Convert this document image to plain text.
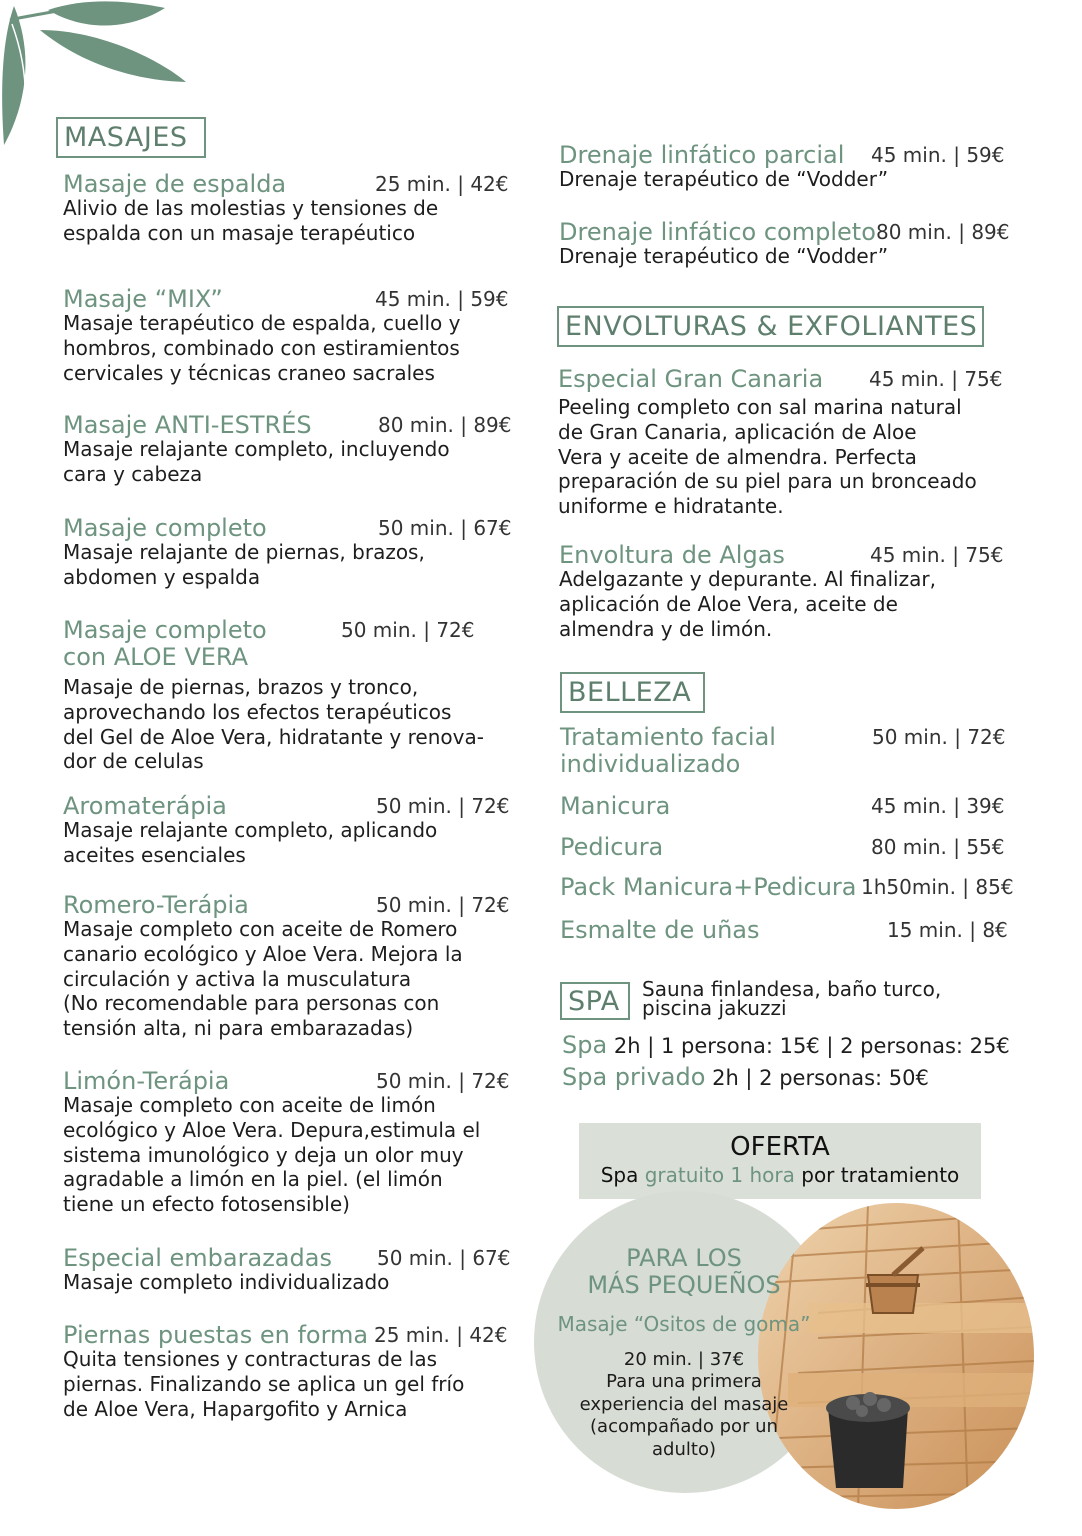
MASAJES
Masaje de espalda	25 min. | 42€
Alivio de las molestias y tensiones de
espalda con un masaje terapéutico
Masaje “MIX”	45 min. | 59€
Masaje terapéutico de espalda, cuello y
hombros, combinado con estiramientos
cervicales y técnicas craneo sacrales
Masaje ANTI-ESTRÉS	80 min. | 89€
Masaje relajante completo, incluyendo
cara y cabeza
Masaje completo	50 min. | 67€
Masaje relajante de piernas, brazos,
abdomen y espalda
Masaje completo
con ALOE VERA
50 min. | 72€
Masaje de piernas, brazos y tronco,
aprovechando los efectos terapéuticos
del Gel de Aloe Vera, hidratante y renova-
dor de celulas
Aromaterápia	50 min. | 72€
Masaje relajante completo, aplicando
aceites esenciales
Romero-Terápia	50 min. | 72€
Masaje completo con aceite de Romero
canario ecológico y Aloe Vera. Mejora la
circulación y activa la musculatura
(No recomendable para personas con
tensión alta, ni para embarazadas)
Limón-Terápia	50 min. | 72€
Masaje completo con aceite de limón
ecológico y Aloe Vera. Depura,estimula el
sistema imunológico y deja un olor muy
agradable a limón en la piel. (el limón
tiene un efecto fotosensible)
Especial embarazadas	50 min. | 67€
Masaje completo individualizado
Piernas puestas en forma 25 min. | 42€
Quita tensiones y contracturas de las
piernas. Finalizando se aplica un gel frío
de Aloe Vera, Hapargofito y Arnica
Drenaje linfático parcial	45 min. | 59€
Drenaje terapéutico de “Vodder”
Drenaje linfático completo 80 min. | 89€
Drenaje terapéutico de “Vodder”
ENVOLTURAS & EXFOLIANTES
Especial Gran Canaria	45 min. | 75€
Peeling completo con sal marina natural
de Gran Canaria, aplicación de Aloe
Vera y aceite de almendra. Perfecta
preparación de su piel para un bronceado
uniforme e hidratante.
Envoltura de Algas	45 min. | 75€
Adelgazante y depurante. Al finalizar,
aplicación de Aloe Vera, aceite de
almendra y de limón.
BELLEZA
Tratamiento facial
individualizado
50 min. | 72€
Manicura	45 min. | 39€
Pedicura	80 min. | 55€
Pack Manicura+Pedicura 1h50min. | 85€
Esmalte de uñas	15 min. | 8€
SPA	Sauna finlandesa, baño turco,
piscina jakuzzi
Spa 2h | 1 persona: 15€ | 2 personas: 25€
Spa privado 2h | 2 personas: 50€
OFERTA
Spa gratuito 1 hora por tratamiento
PARA LOS
MÁS PEQUEÑOS
Masaje “Ositos de goma”
20 min. | 37€
Para una primera
experiencia del masaje
(acompañado por un
adulto)
